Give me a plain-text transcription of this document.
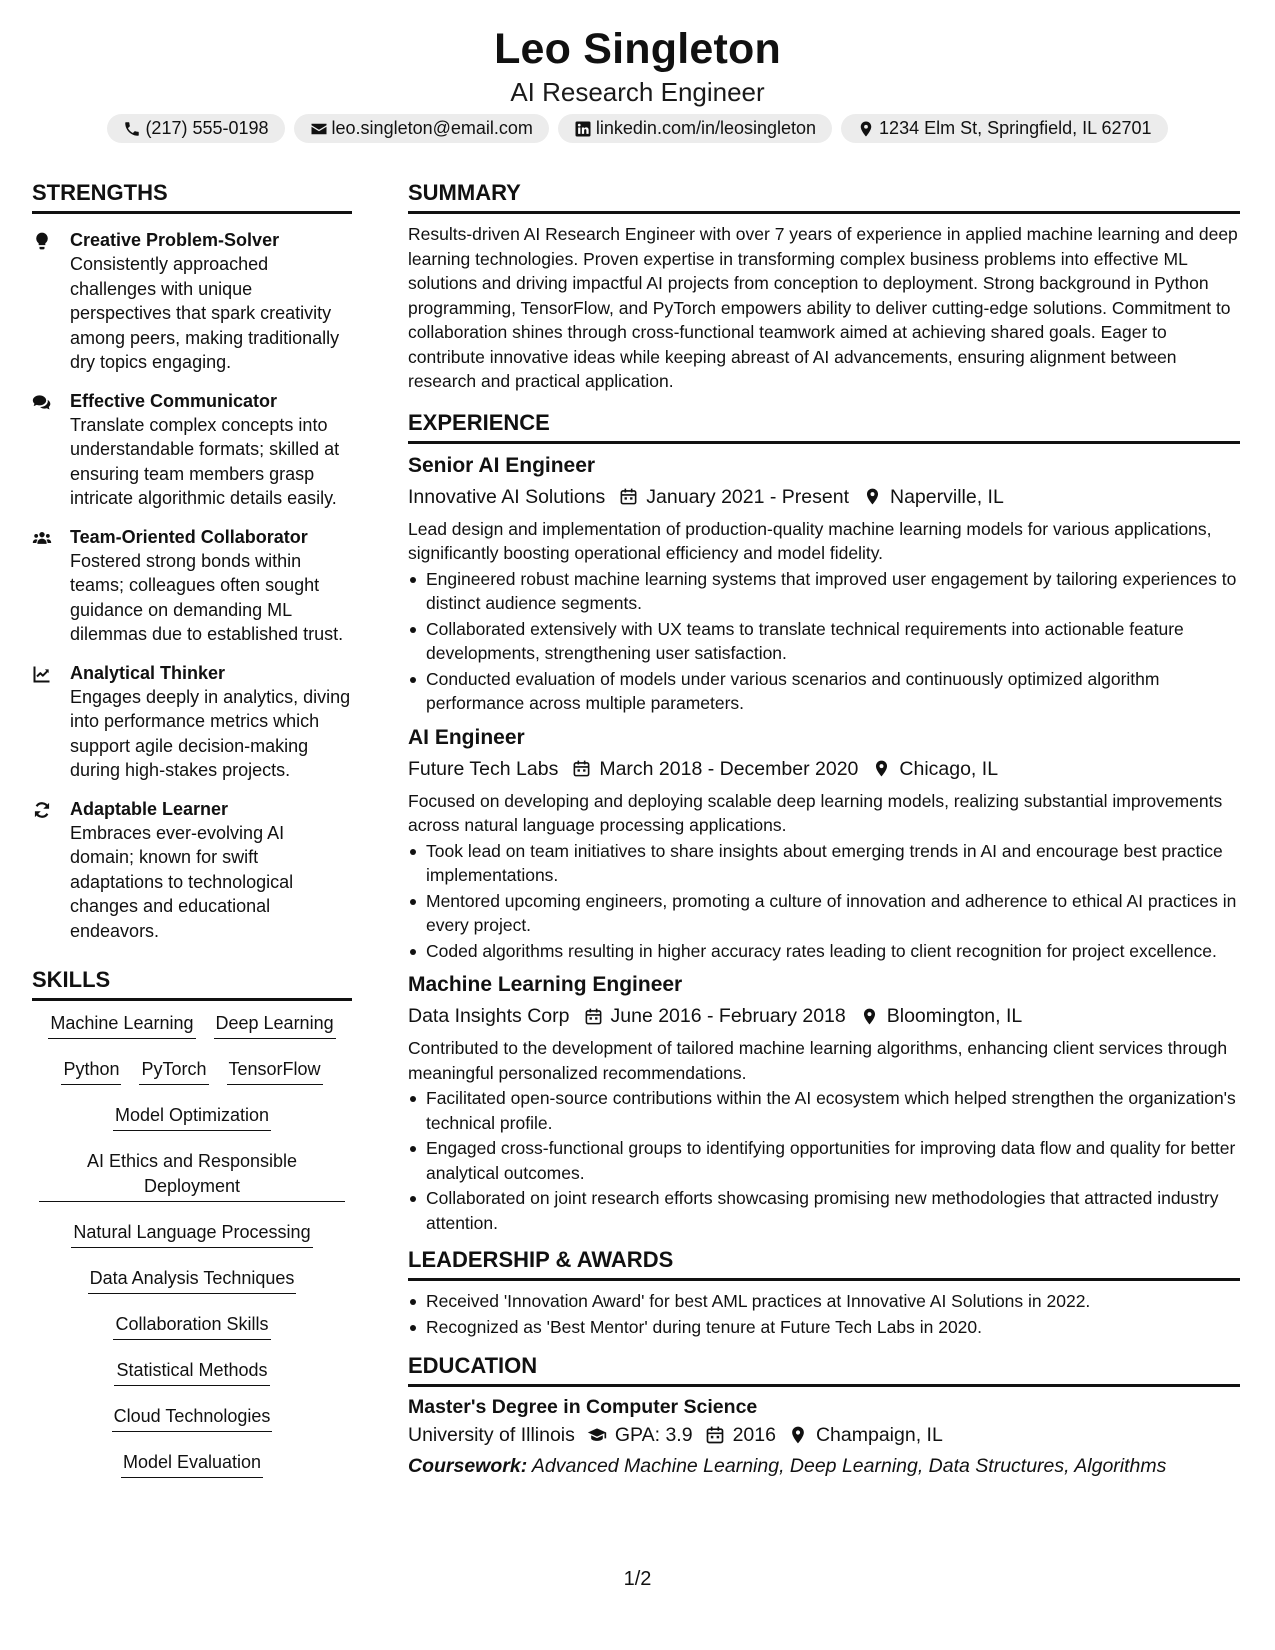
Leo Singleton
AI Research Engineer
(217) 555-0198	leo.singleton@email.com	linkedin.com/in/leosingleton	1234 Elm St, Springfield, IL 62701
STRENGTHS
Creative Problem-Solver
Consistently approached challenges with unique perspectives that spark creativity among peers, making traditionally dry topics engaging.
Effective Communicator
Translate complex concepts into understandable formats; skilled at ensuring team members grasp intricate algorithmic details easily.
Team-Oriented Collaborator
Fostered strong bonds within teams; colleagues often sought guidance on demanding ML dilemmas due to established trust.
Analytical Thinker
Engages deeply in analytics, diving into performance metrics which support agile decision-making during high-stakes projects.
Adaptable Learner
Embraces ever-evolving AI domain; known for swift adaptations to technological changes and educational endeavors.
SKILLS
Machine Learning Deep Learning
Python PyTorch TensorFlow
Model Optimization
AI Ethics and Responsible Deployment
Natural Language Processing
Data Analysis Techniques
Collaboration Skills
Statistical Methods
Cloud Technologies
Model Evaluation
SUMMARY
Results-driven AI Research Engineer with over 7 years of experience in applied machine learning and deep learning technologies. Proven expertise in transforming complex business problems into effective ML solutions and driving impactful AI projects from conception to deployment. Strong background in Python programming, TensorFlow, and PyTorch empowers ability to deliver cutting-edge solutions. Commitment to collaboration shines through cross-functional teamwork aimed at achieving shared goals. Eager to contribute innovative ideas while keeping abreast of AI advancements, ensuring alignment between research and practical application.
EXPERIENCE
Senior AI Engineer
Innovative AI Solutions January 2021 - Present Naperville, IL
Lead design and implementation of production-quality machine learning models for various applications, significantly boosting operational efficiency and model fidelity.
Engineered robust machine learning systems that improved user engagement by tailoring experiences to distinct audience segments.
Collaborated extensively with UX teams to translate technical requirements into actionable feature developments, strengthening user satisfaction.
Conducted evaluation of models under various scenarios and continuously optimized algorithm performance across multiple parameters.
AI Engineer
Future Tech Labs March 2018 - December 2020 Chicago, IL
Focused on developing and deploying scalable deep learning models, realizing substantial improvements across natural language processing applications.
Took lead on team initiatives to share insights about emerging trends in AI and encourage best practice implementations.
Mentored upcoming engineers, promoting a culture of innovation and adherence to ethical AI practices in every project.
Coded algorithms resulting in higher accuracy rates leading to client recognition for project excellence.
Machine Learning Engineer
Data Insights Corp June 2016 - February 2018 Bloomington, IL
Contributed to the development of tailored machine learning algorithms, enhancing client services through meaningful personalized recommendations.
Facilitated open-source contributions within the AI ecosystem which helped strengthen the organization's technical profile.
Engaged cross-functional groups to identifying opportunities for improving data flow and quality for better analytical outcomes.
Collaborated on joint research efforts showcasing promising new methodologies that attracted industry attention.
LEADERSHIP & AWARDS
Received 'Innovation Award' for best AML practices at Innovative AI Solutions in 2022.
Recognized as 'Best Mentor' during tenure at Future Tech Labs in 2020.
EDUCATION
Master's Degree in Computer Science
University of Illinois GPA: 3.9 2016 Champaign, IL
Coursework: Advanced Machine Learning, Deep Learning, Data Structures, Algorithms
1/2
